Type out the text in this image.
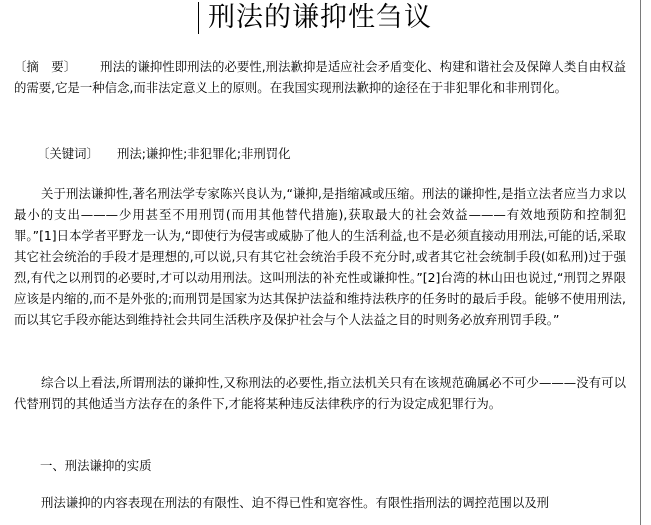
刑法的谦抑性刍议

〔摘　要〕 刑法的谦抑性即刑法的必要性,刑法歉抑是适应社会矛盾变化、构建和谐社会及保障人类自由权益的需要,它是一种信念,而非法定意义上的原则。在我国实现刑法歉抑的途径在于非犯罪化和非刑罚化。

〔关键词〕 刑法;谦抑性;非犯罪化;非刑罚化

关于刑法谦抑性,著名刑法学专家陈兴良认为,“谦抑,是指缩减或压缩。刑法的谦抑性,是指立法者应当力求以最小的支出———少用甚至不用刑罚(而用其他替代措施),获取最大的社会效益———有效地预防和控制犯罪。”[1]日本学者平野龙一认为,“即使行为侵害或威胁了他人的生活利益,也不是必须直接动用刑法,可能的话,采取其它社会统治的手段才是理想的,可以说,只有其它社会统治手段不充分时,或者其它社会统制手段(如私刑)过于强烈,有代之以刑罚的必要时,才可以动用刑法。这叫刑法的补充性或谦抑性。”[2]台湾的林山田也说过,“刑罚之界限应该是内缩的,而不是外张的;而刑罚是国家为达其保护法益和维持法秩序的任务时的最后手段。能够不使用刑法,而以其它手段亦能达到维持社会共同生活秩序及保护社会与个人法益之目的时则务必放弃刑罚手段。”

综合以上看法,所谓刑法的谦抑性,又称刑法的必要性,指立法机关只有在该规范确属必不可少———没有可以代替刑罚的其他适当方法存在的条件下,才能将某种违反法律秩序的行为设定成犯罪行为。

一、刑法谦抑的实质

刑法谦抑的内容表现在刑法的有限性、迫不得已性和宽容性。有限性指刑法的调控范围以及刑
